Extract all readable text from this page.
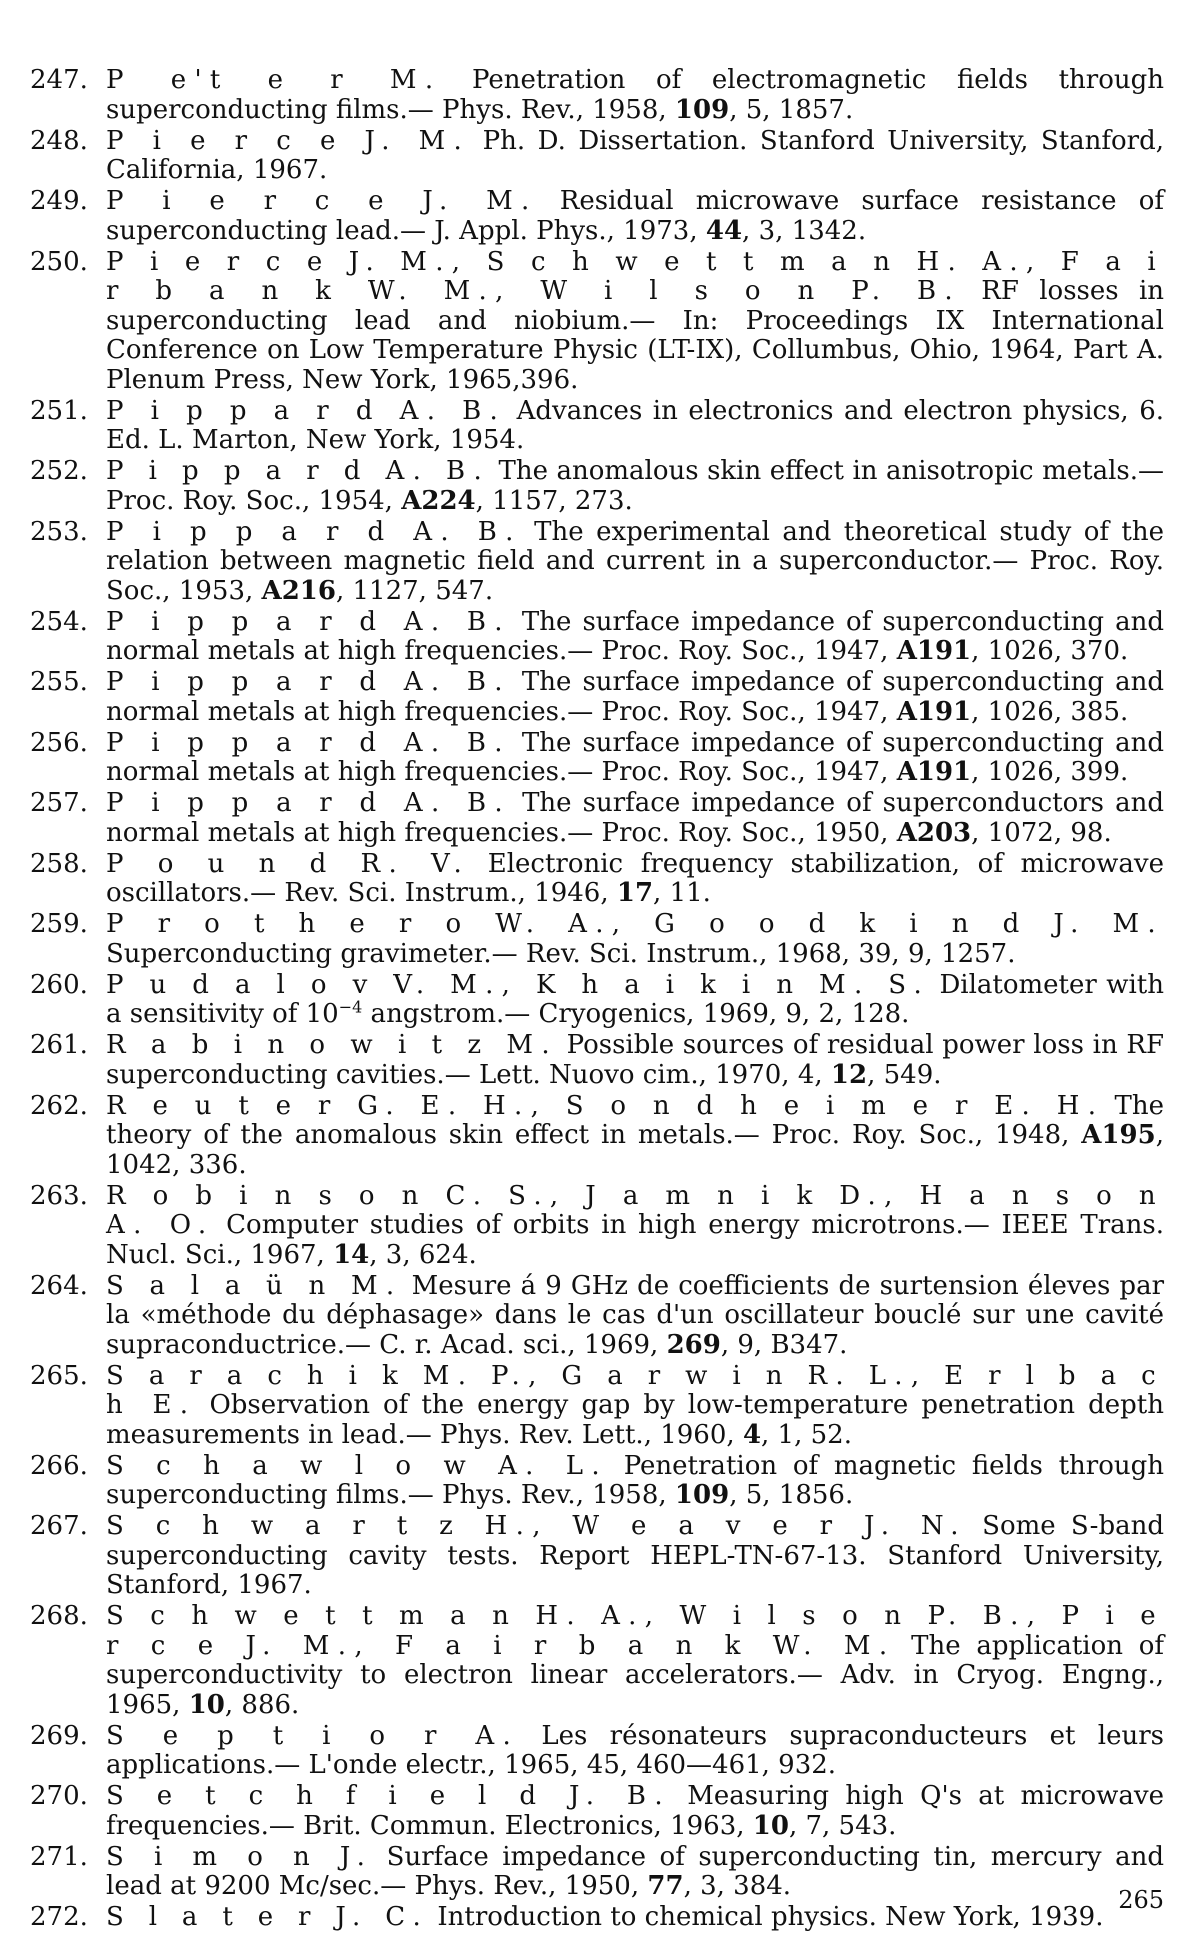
247. P e't e r M. Penetration of electromagnetic fields through superconducting films.— Phys. Rev., 1958, 109, 5, 1857.
248. P i e r c e J. M. Ph. D. Dissertation. Stanford University, Stanford, California, 1967.
249. P i e r c e J. M. Residual microwave surface resistance of superconducting lead.— J. Appl. Phys., 1973, 44, 3, 1342.
250. P i e r c e J. M., S c h w e t t m a n H. A., F a i r b a n k W. M., W i l s o n P. B. RF losses in superconducting lead and niobium.— In: Proceedings IX International Conference on Low Temperature Physic (LT-IX), Collumbus, Ohio, 1964, Part A. Plenum Press, New York, 1965,396.
251. P i p p a r d A. B. Advances in electronics and electron physics, 6. Ed. L. Marton, New York, 1954.
252. P i p p a r d A. B. The anomalous skin effect in anisotropic metals.— Proc. Roy. Soc., 1954, A224, 1157, 273.
253. P i p p a r d A. B. The experimental and theoretical study of the relation between magnetic field and current in a superconductor.— Proc. Roy. Soc., 1953, A216, 1127, 547.
254. P i p p a r d A. B. The surface impedance of superconducting and normal metals at high frequencies.— Proc. Roy. Soc., 1947, A191, 1026, 370.
255. P i p p a r d A. B. The surface impedance of superconducting and normal metals at high frequencies.— Proc. Roy. Soc., 1947, A191, 1026, 385.
256. P i p p a r d A. B. The surface impedance of superconducting and normal metals at high frequencies.— Proc. Roy. Soc., 1947, A191, 1026, 399.
257. P i p p a r d A. B. The surface impedance of superconductors and normal metals at high frequencies.— Proc. Roy. Soc., 1950, A203, 1072, 98.
258. P o u n d R. V. Electronic frequency stabilization, of microwave oscillators.— Rev. Sci. Instrum., 1946, 17, 11.
259. P r o t h e r o W. A., G o o d k i n d J. M. Superconducting gravimeter.— Rev. Sci. Instrum., 1968, 39, 9, 1257.
260. P u d a l o v V. M., K h a i k i n M. S. Dilatometer with a sensitivity of $10^{-4}$ angstrom.— Cryogenics, 1969, 9, 2, 128.
261. R a b i n o w i t z M. Possible sources of residual power loss in RF superconducting cavities.— Lett. Nuovo cim., 1970, 4, 12, 549.
262. R e u t e r G. E. H., S o n d h e i m e r E. H. The theory of the anomalous skin effect in metals.— Proc. Roy. Soc., 1948, A195, 1042, 336.
263. R o b i n s o n C. S., J a m n i k D., H a n s o n A. O. Computer studies of orbits in high energy microtrons.— IEEE Trans. Nucl. Sci., 1967, 14, 3, 624.
264. S a l a ü n M. Mesure á 9 GHz de coefficients de surtension éleves par la «méthode du déphasage» dans le cas d'un oscillateur bouclé sur une cavité supraconductrice.— C. r. Acad. sci., 1969, 269, 9, B347.
265. S a r a c h i k M. P., G a r w i n R. L., E r l b a c h E. Observation of the energy gap by low-temperature penetration depth measurements in lead.— Phys. Rev. Lett., 1960, 4, 1, 52.
266. S c h a w l o w A. L. Penetration of magnetic fields through superconducting films.— Phys. Rev., 1958, 109, 5, 1856.
267. S c h w a r t z H., W e a v e r J. N. Some S-band superconducting cavity tests. Report HEPL-TN-67-13. Stanford University, Stanford, 1967.
268. S c h w e t t m a n H. A., W i l s o n P. B., P i e r c e J. M., F a i r b a n k W. M. The application of superconductivity to electron linear accelerators.— Adv. in Cryog. Engng., 1965, 10, 886.
269. S e p t i o r A. Les résonateurs supraconducteurs et leurs applications.— L'onde electr., 1965, 45, 460—461, 932.
270. S e t c h f i e l d J. B. Measuring high Q's at microwave frequencies.— Brit. Commun. Electronics, 1963, 10, 7, 543.
271. S i m o n J. Surface impedance of superconducting tin, mercury and lead at 9200 Mc/sec.— Phys. Rev., 1950, 77, 3, 384.
272. S l a t e r J. C. Introduction to chemical physics. New York, 1939.
265
